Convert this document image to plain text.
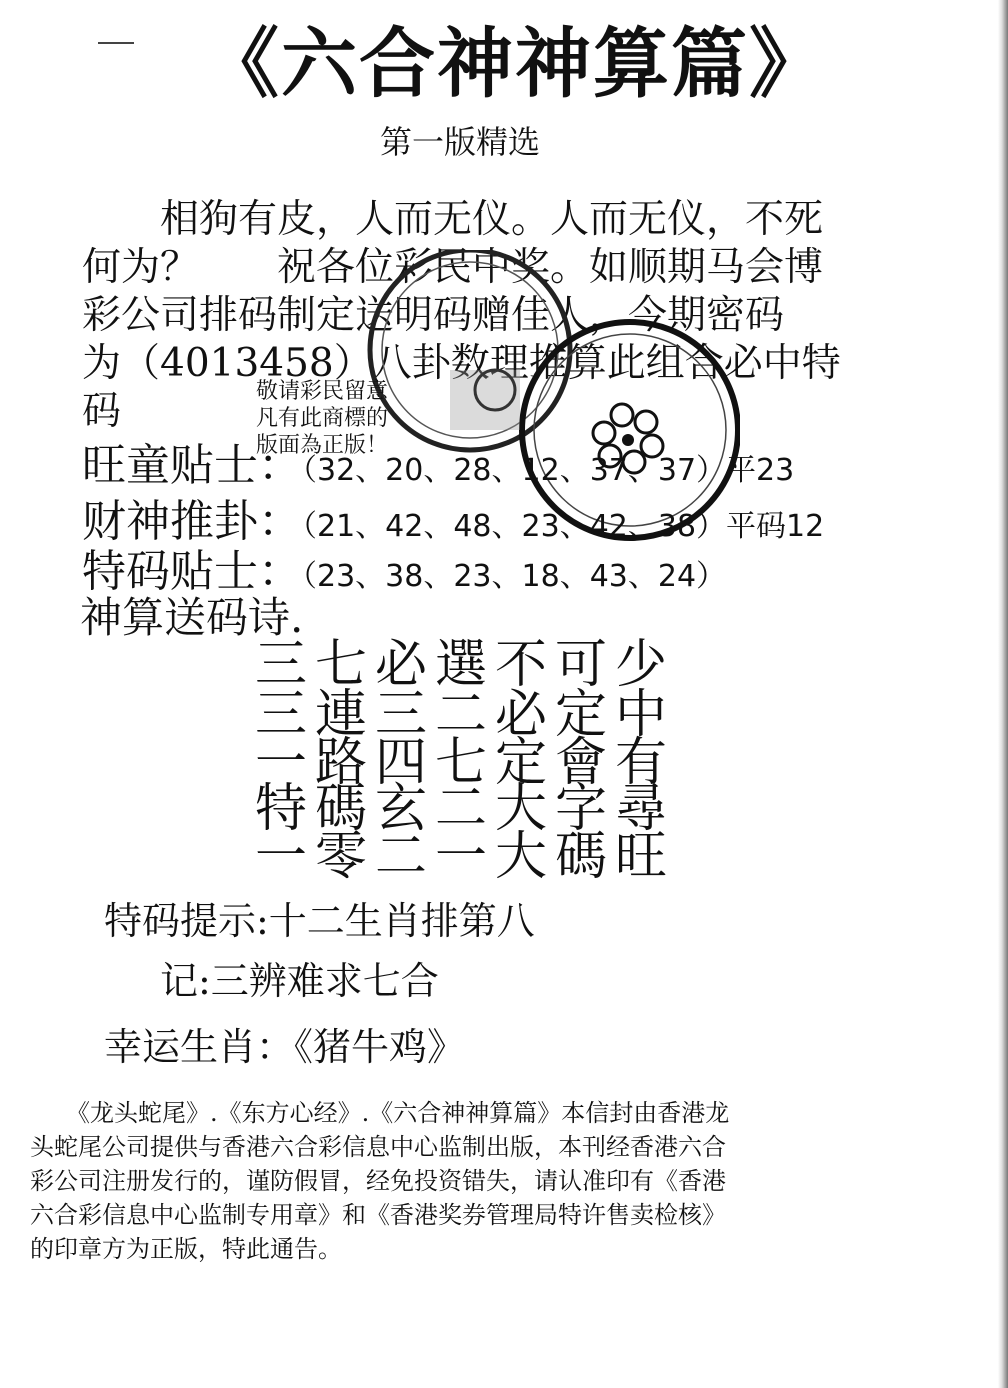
《六合神神算篇》
第一版精选
　　相狗有皮，人而无仪。人而无仪，不死
何为？　　祝各位彩民中奖。如顺期马会博
彩公司排码制定送明码赠佳人，今期密码
为（4013458）八卦数理推算此组合必中特
码	敬请彩民留意
凡有此商標的
版面為正版！
旺童贴士：（32、20、28、12、37、37）平23
财神推卦：（21、42、48、23、42、38）平码12
特码贴士：（23、38、23、18、43、24）
神算送码诗.
三七必選不可少
三連三二必定中
一路四七定會有
特碼玄二大字尋
一零二一大碼旺
特码提示:十二生肖排第八
记:三辨难求七合
幸运生肖：《猪牛鸡》
　　《龙头蛇尾》.《东方心经》.《六合神神算篇》本信封由香港龙
头蛇尾公司提供与香港六合彩信息中心监制出版，本刊经香港六合
彩公司注册发行的，谨防假冒，经免投资错失，请认准印有《香港
六合彩信息中心监制专用章》和《香港奖券管理局特许售卖检核》
的印章方为正版，特此通告。
